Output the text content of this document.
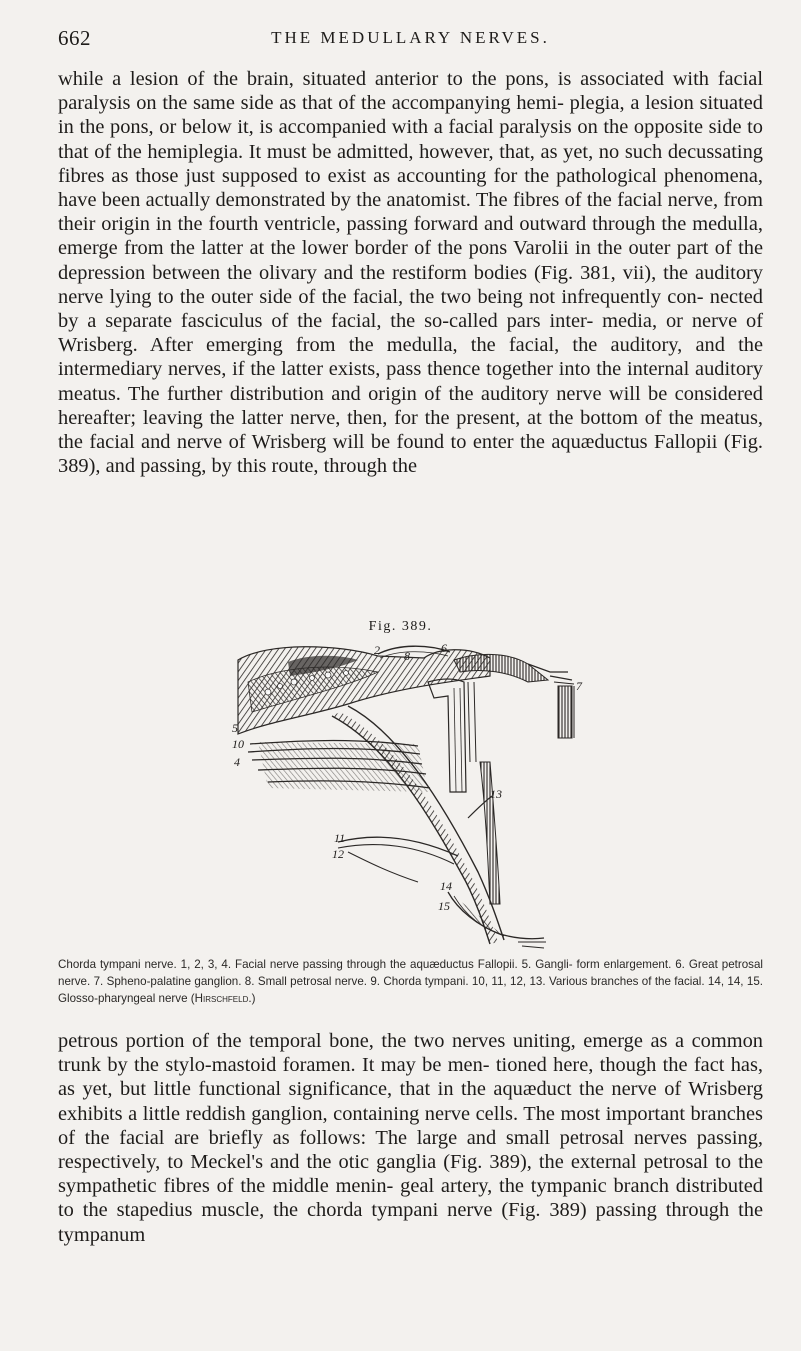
662	THE MEDULLARY NERVES.

while a lesion of the brain, situated anterior to the pons, is associated with facial paralysis on the same side as that of the accompanying hemi- plegia, a lesion situated in the pons, or below it, is accompanied with a facial paralysis on the opposite side to that of the hemiplegia. It must be admitted, however, that, as yet, no such decussating fibres as those just supposed to exist as accounting for the pathological phenomena, have been actually demonstrated by the anatomist. The fibres of the facial nerve, from their origin in the fourth ventricle, passing forward and outward through the medulla, emerge from the latter at the lower border of the pons Varolii in the outer part of the depression between the olivary and the restiform bodies (Fig. 381, vii), the auditory nerve lying to the outer side of the facial, the two being not infrequently con- nected by a separate fasciculus of the facial, the so-called pars inter- media, or nerve of Wrisberg. After emerging from the medulla, the facial, the auditory, and the intermediary nerves, if the latter exists, pass thence together into the internal auditory meatus. The further distribution and origin of the auditory nerve will be considered hereafter; leaving the latter nerve, then, for the present, at the bottom of the meatus, the facial and nerve of Wrisberg will be found to enter the aquæductus Fallopii (Fig. 389), and passing, by this route, through the

Fig. 389.
2	6
8
7
5
10
4
11
12
13
14
15

Chorda tympani nerve. 1, 2, 3, 4. Facial nerve passing through the aquæductus Fallopii. 5. Gangli- form enlargement. 6. Great petrosal nerve. 7. Spheno-palatine ganglion. 8. Small petrosal nerve. 9. Chorda tympani. 10, 11, 12, 13. Various branches of the facial. 14, 14, 15. Glosso-pharyngeal nerve (Hirschfeld.)

petrous portion of the temporal bone, the two nerves uniting, emerge as a common trunk by the stylo-mastoid foramen. It may be men- tioned here, though the fact has, as yet, but little functional significance, that in the aquæduct the nerve of Wrisberg exhibits a little reddish ganglion, containing nerve cells. The most important branches of the facial are briefly as follows: The large and small petrosal nerves passing, respectively, to Meckel's and the otic ganglia (Fig. 389), the external petrosal to the sympathetic fibres of the middle menin- geal artery, the tympanic branch distributed to the stapedius muscle, the chorda tympani nerve (Fig. 389) passing through the tympanum
